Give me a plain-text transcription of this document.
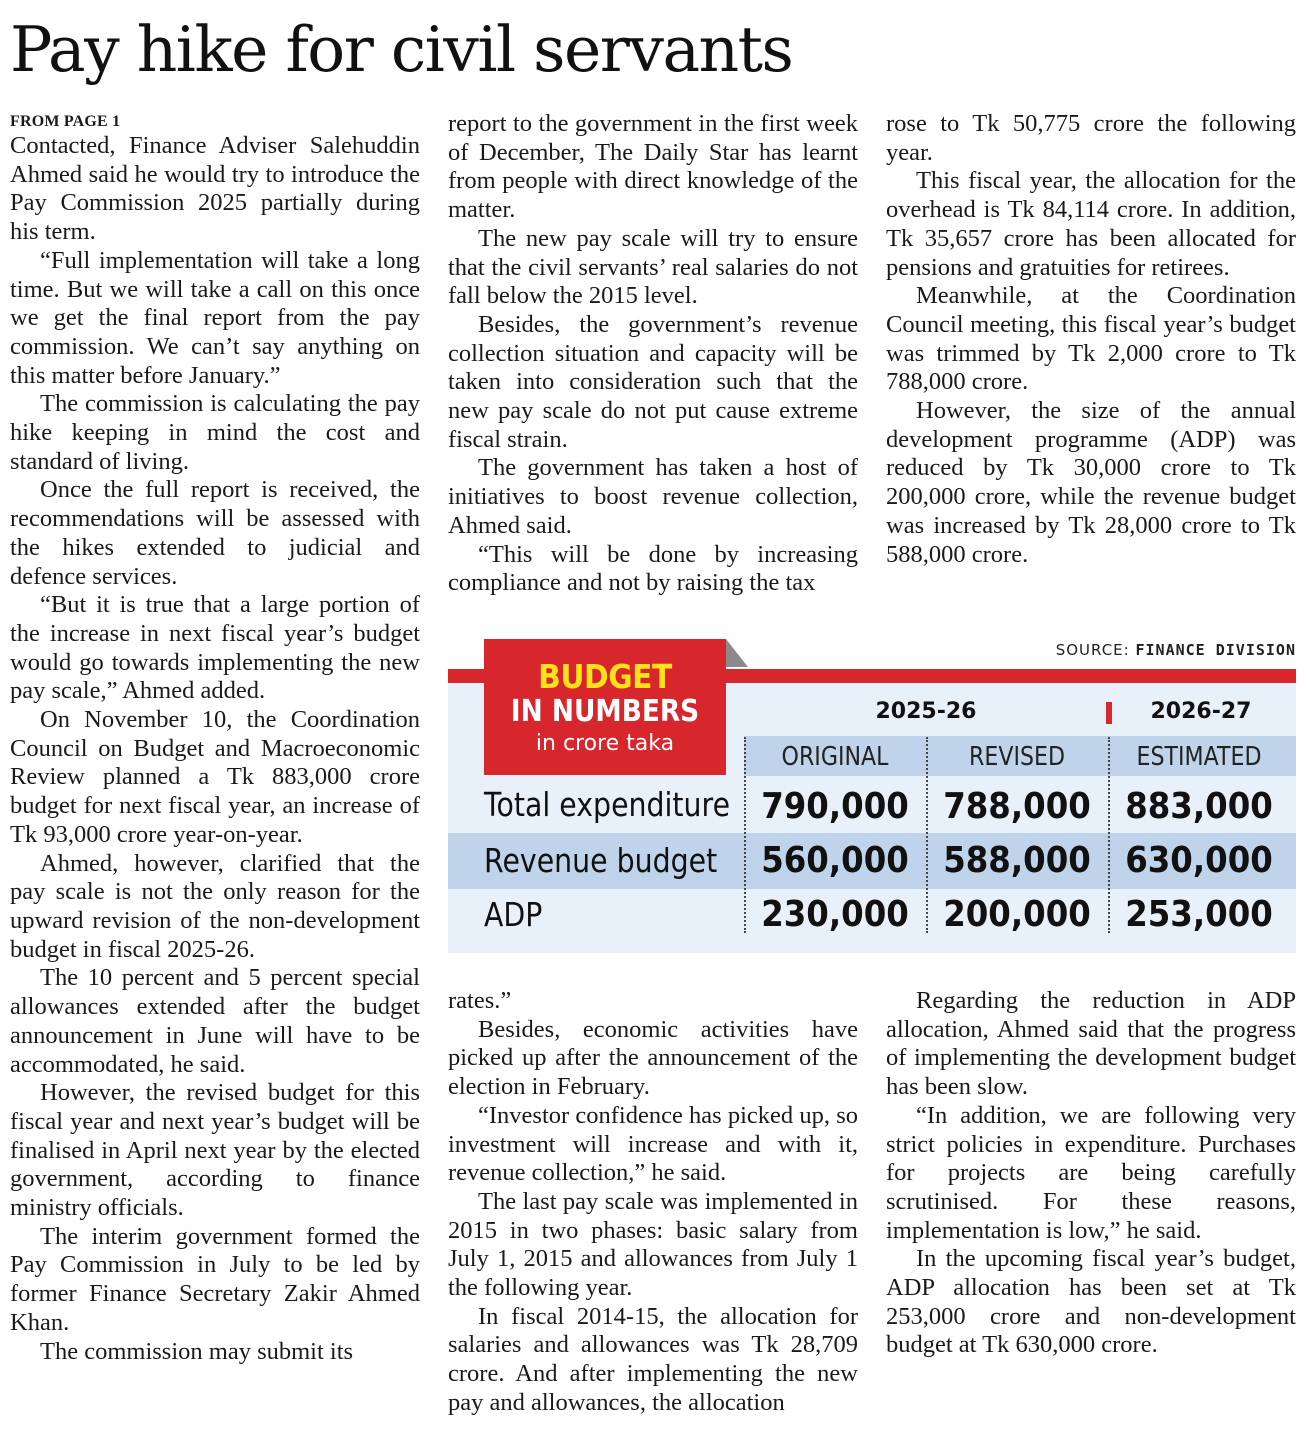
Pay hike for civil servants
FROM PAGE 1

Contacted, Finance Adviser Salehuddin Ahmed said he would try to introduce the Pay Commission 2025 partially during his term.

“Full implementation will take a long time. But we will take a call on this once we get the final report from the pay commission. We can’t say anything on this matter before January.”

The commission is calculating the pay hike keeping in mind the cost and standard of living.

Once the full report is received, the recommendations will be assessed with the hikes extended to judicial and defence services.

“But it is true that a large portion of the increase in next fiscal year’s budget would go towards implementing the new pay scale,” Ahmed added.

On November 10, the Coordination Council on Budget and Macroeconomic Review planned a Tk 883,000 crore budget for next fiscal year, an increase of Tk 93,000 crore year-on-year.

Ahmed, however, clarified that the pay scale is not the only reason for the upward revision of the non-development budget in fiscal 2025-26.

The 10 percent and 5 percent special allowances extended after the budget announcement in June will have to be accommodated, he said.

However, the revised budget for this fiscal year and next year’s budget will be finalised in April next year by the elected government, according to finance ministry officials.

The interim government formed the Pay Commission in July to be led by former Finance Secretary Zakir Ahmed Khan.

The commission may submit its

report to the government in the first week of December, The Daily Star has learnt from people with direct knowledge of the matter.

The new pay scale will try to ensure that the civil servants’ real salaries do not fall below the 2015 level.

Besides, the government’s revenue collection situation and capacity will be taken into consideration such that the new pay scale do not put cause extreme fiscal strain.

The government has taken a host of initiatives to boost revenue collection, Ahmed said.

“This will be done by increasing compliance and not by raising the tax

rose to Tk 50,775 crore the following year.

This fiscal year, the allocation for the overhead is Tk 84,114 crore. In addition, Tk 35,657 crore has been allocated for pensions and gratuities for retirees.

Meanwhile, at the Coordination Council meeting, this fiscal year’s budget was trimmed by Tk 2,000 crore to Tk 788,000 crore.

However, the size of the annual development programme (ADP) was reduced by Tk 30,000 crore to Tk 200,000 crore, while the revenue budget was increased by Tk 28,000 crore to Tk 588,000 crore.

SOURCE: FINANCE DIVISION
BUDGET
IN NUMBERS
in crore taka
2025-26	2026-27
ORIGINAL	REVISED	ESTIMATED
Total expenditure 790,000 788,000 883,000
Revenue budget 560,000 588,000 630,000
ADP	230,000 200,000 253,000

rates.”

Besides, economic activities have picked up after the announcement of the election in February.

“Investor confidence has picked up, so investment will increase and with it, revenue collection,” he said.

The last pay scale was implemented in 2015 in two phases: basic salary from July 1, 2015 and allowances from July 1 the following year.

In fiscal 2014-15, the allocation for salaries and allowances was Tk 28,709 crore. And after implementing the new pay and allowances, the allocation

Regarding the reduction in ADP allocation, Ahmed said that the progress of implementing the development budget has been slow.

“In addition, we are following very strict policies in expenditure. Purchases for projects are being carefully scrutinised. For these reasons, implementation is low,” he said.

In the upcoming fiscal year’s budget, ADP allocation has been set at Tk 253,000 crore and non-development budget at Tk 630,000 crore.
